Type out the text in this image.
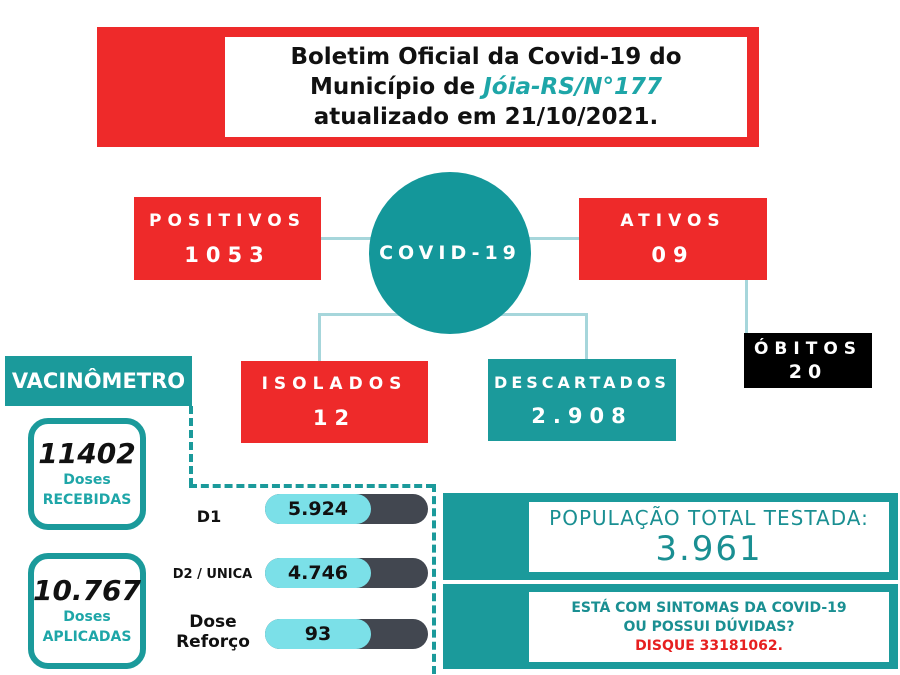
Boletim Oficial da Covid-19 do
Município de Jóia-RS/N°177
atualizado em 21/10/2021.
POSITIVOS
1053
ATIVOS
09
COVID-19
ISOLADOS
12
DESCARTADOS
2.908
ÓBITOS
20
VACINÔMETRO
11402
Doses
RECEBIDAS
10.767
Doses
APLICADAS
D1	5.924
D2 / UNICA	4.746
Dose
Reforço	93
POPULAÇÃO TOTAL TESTADA:
3.961
ESTÁ COM SINTOMAS DA COVID-19
OU POSSUI DÚVIDAS?
DISQUE 33181062.
